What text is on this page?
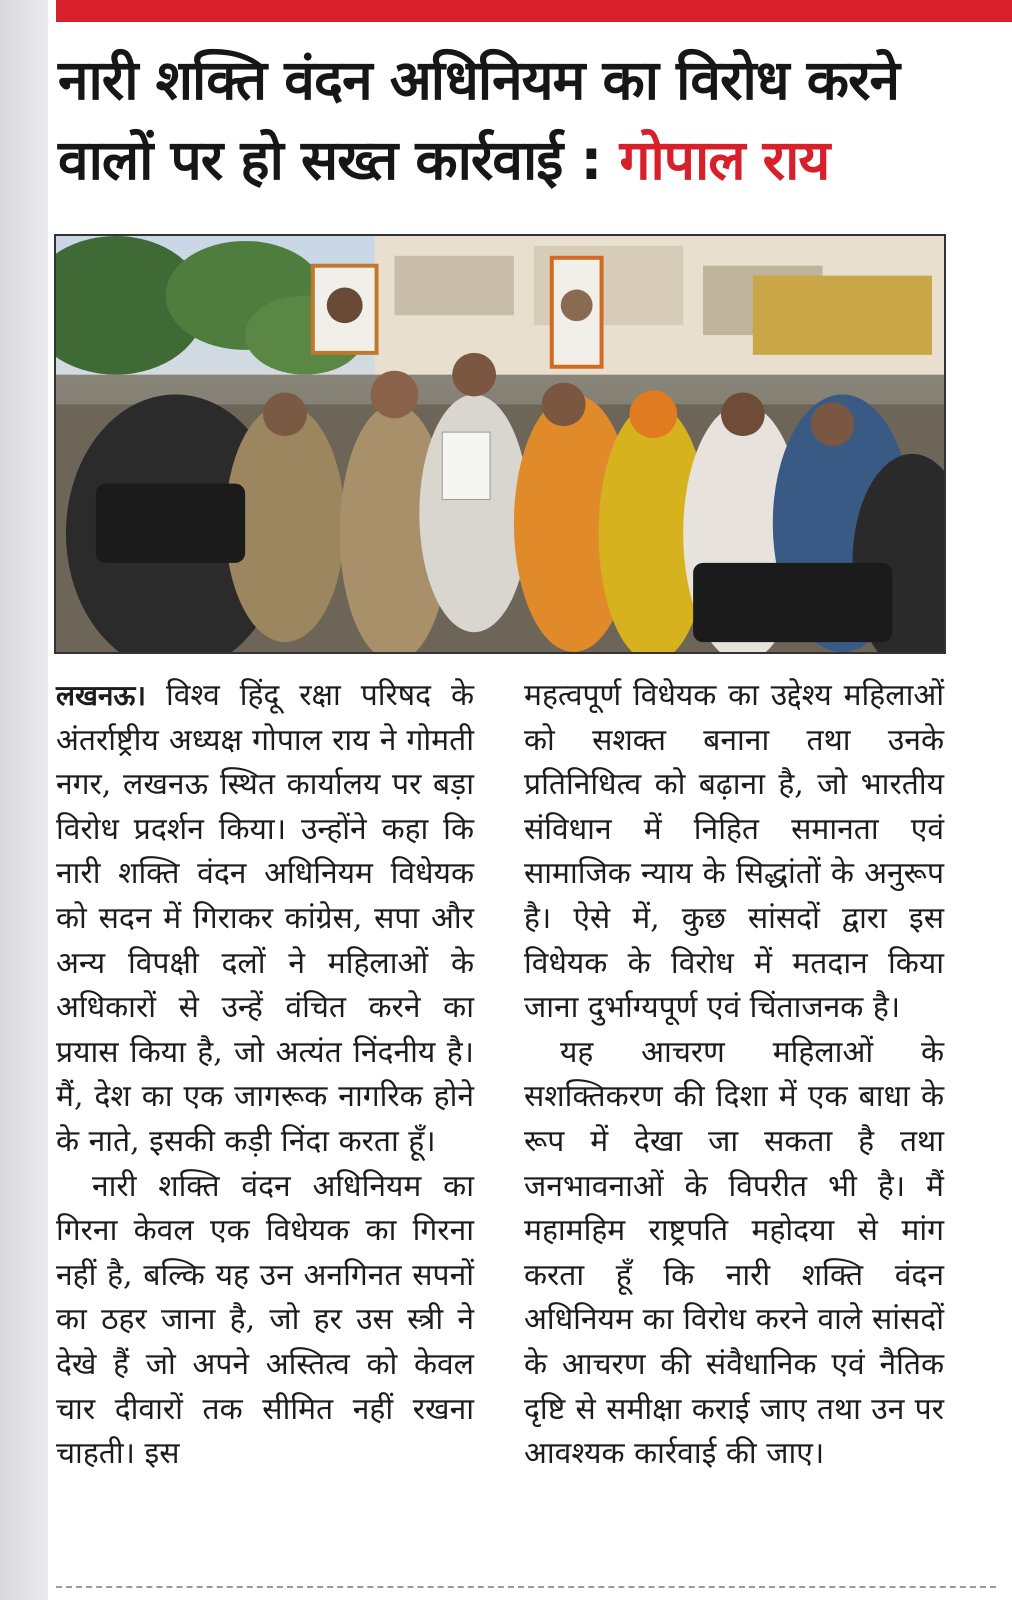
नारी शक्ति वंदन अधिनियम का विरोध करने
वालों पर हो सख्त कार्रवाई : गोपाल राय

लखनऊ। विश्व हिंदू रक्षा परिषद के अंतर्राष्ट्रीय अध्यक्ष गोपाल राय ने गोमती नगर, लखनऊ स्थित कार्यालय पर बड़ा विरोध प्रदर्शन किया। उन्होंने कहा कि नारी शक्ति वंदन अधिनियम विधेयक को सदन में गिराकर कांग्रेस, सपा और अन्य विपक्षी दलों ने महिलाओं के अधिकारों से उन्हें वंचित करने का प्रयास किया है, जो अत्यंत निंदनीय है। मैं, देश का एक जागरूक नागरिक होने के नाते, इसकी कड़ी निंदा करता हूँ।

नारी शक्ति वंदन अधिनियम का गिरना केवल एक विधेयक का गिरना नहीं है, बल्कि यह उन अनगिनत सपनों का ठहर जाना है, जो हर उस स्त्री ने देखे हैं जो अपने अस्तित्व को केवल चार दीवारों तक सीमित नहीं रखना चाहती। इस

महत्वपूर्ण विधेयक का उद्देश्य महिलाओं को सशक्त बनाना तथा उनके प्रतिनिधित्व को बढ़ाना है, जो भारतीय संविधान में निहित समानता एवं सामाजिक न्याय के सिद्धांतों के अनुरूप है। ऐसे में, कुछ सांसदों द्वारा इस विधेयक के विरोध में मतदान किया जाना दुर्भाग्यपूर्ण एवं चिंताजनक है।

यह आचरण महिलाओं के सशक्तिकरण की दिशा में एक बाधा के रूप में देखा जा सकता है तथा जनभावनाओं के विपरीत भी है। मैं महामहिम राष्ट्रपति महोदया से मांग करता हूँ कि नारी शक्ति वंदन अधिनियम का विरोध करने वाले सांसदों के आचरण की संवैधानिक एवं नैतिक दृष्टि से समीक्षा कराई जाए तथा उन पर आवश्यक कार्रवाई की जाए।
